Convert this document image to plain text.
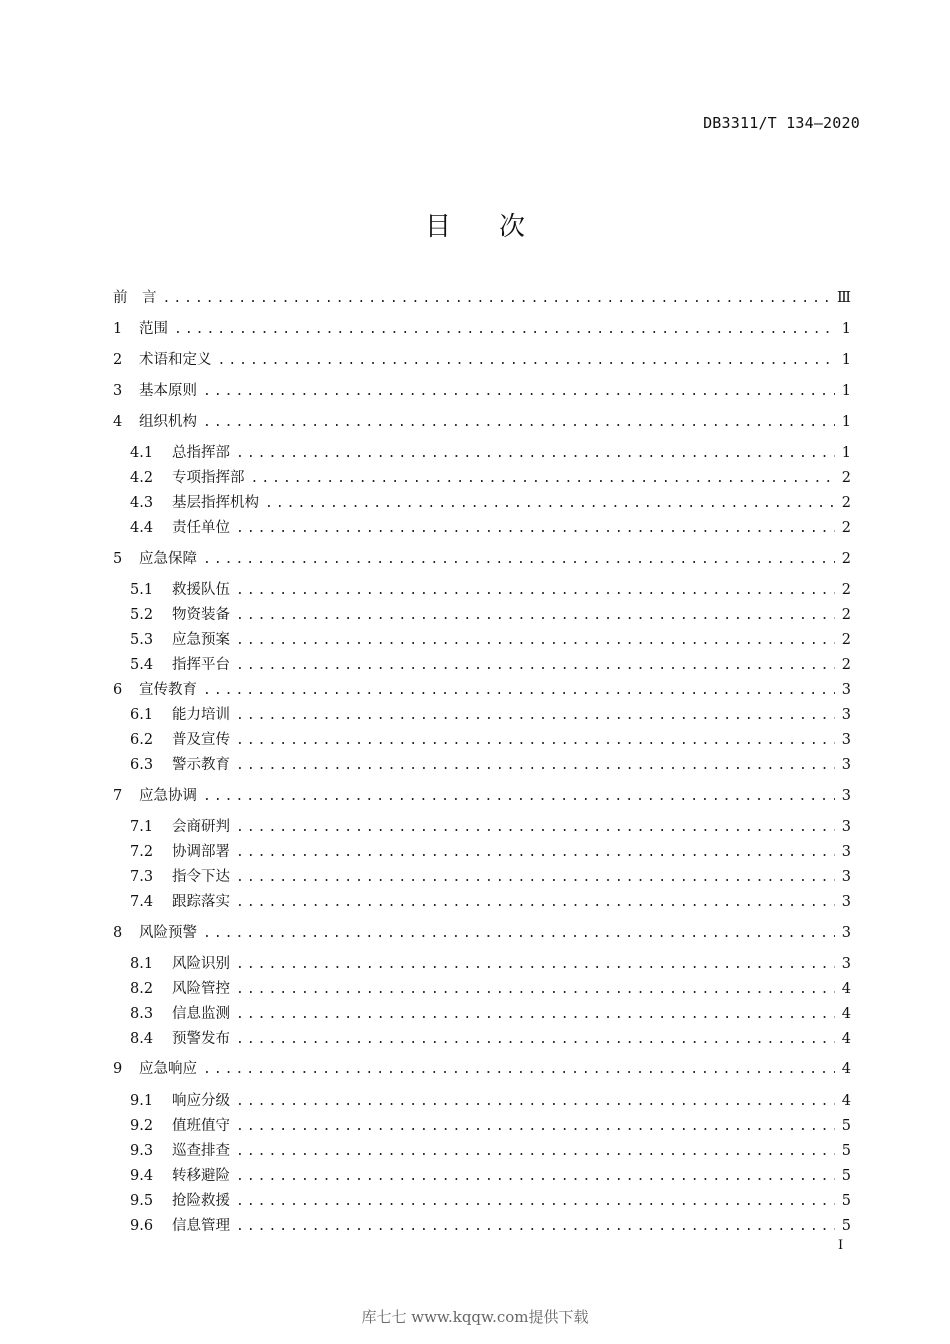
DB3311/T 134—2020
目次
前　言 .....	Ⅲ
1	范围 .....	1
2	术语和定义 .....	1
3	基本原则 .....	1
4	组织机构 .....	1
4.1	总指挥部 .....	1
4.2	专项指挥部 .....	2
4.3	基层指挥机构 .....	2
4.4	责任单位 .....	2
5	应急保障 .....	2
5.1	救援队伍 .....	2
5.2	物资装备 .....	2
5.3	应急预案 .....	2
5.4	指挥平台 .....	2
6	宣传教育 .....	3
6.1	能力培训 .....	3
6.2	普及宣传 .....	3
6.3	警示教育 .....	3
7	应急协调 .....	3
7.1	会商研判 .....	3
7.2	协调部署 .....	3
7.3	指令下达 .....	3
7.4	跟踪落实 .....	3
8	风险预警 .....	3
8.1	风险识别 .....	3
8.2	风险管控 .....	4
8.3	信息监测 .....	4
8.4	预警发布 .....	4
9	应急响应 .....	4
9.1	响应分级 .....	4
9.2	值班值守 .....	5
9.3	巡查排查 .....	5
9.4	转移避险 .....	5
9.5	抢险救援 .....	5
9.6	信息管理 .....	5
I
库七七 www.kqqw.com提供下载
